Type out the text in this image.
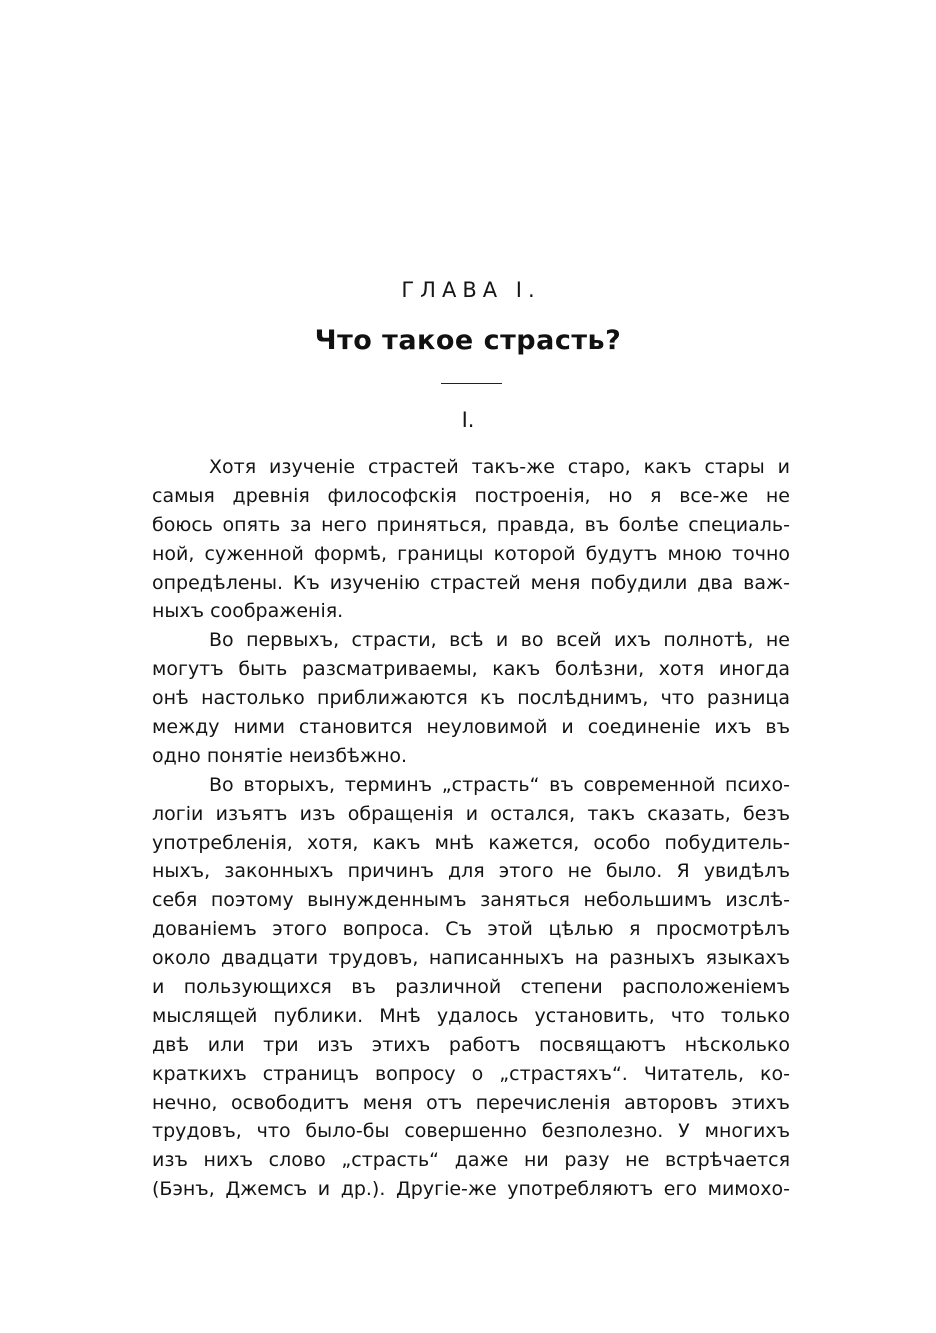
ГЛАВА I.
Что такое страсть?
I.
Хотя изученіе страстей такъ-же старо, какъ стары и
самыя древнія философскія построенія, но я все-же не
боюсь опять за него приняться, правда, въ болѣе специаль-
ной, суженной формѣ, границы которой будутъ мною точно
опредѣлены. Къ изученію страстей меня побудили два важ-
ныхъ соображенія.
Во первыхъ, страсти, всѣ и во всей ихъ полнотѣ, не
могутъ быть разсматриваемы, какъ болѣзни, хотя иногда
онѣ настолько приближаются къ послѣднимъ, что разница
между ними становится неуловимой и соединеніе ихъ въ
одно понятіе неизбѣжно.
Во вторыхъ, терминъ „страсть“ въ современной психо-
логіи изъятъ изъ обращенія и остался, такъ сказать, безъ
употребленія, хотя, какъ мнѣ кажется, особо побудитель-
ныхъ, законныхъ причинъ для этого не было. Я увидѣлъ
себя поэтому вынужденнымъ заняться небольшимъ изслѣ-
дованіемъ этого вопроса. Съ этой цѣлью я просмотрѣлъ
около двадцати трудовъ, написанныхъ на разныхъ языкахъ
и пользующихся въ различной степени расположеніемъ
мыслящей публики. Мнѣ удалось установить, что только
двѣ или три изъ этихъ работъ посвящаютъ нѣсколько
краткихъ страницъ вопросу о „страстяхъ“. Читатель, ко-
нечно, освободитъ меня отъ перечисленія авторовъ этихъ
трудовъ, что было-бы совершенно безполезно. У многихъ
изъ нихъ слово „страсть“ даже ни разу не встрѣчается
(Бэнъ, Джемсъ и др.). Другіе-же употребляютъ его мимохо-
